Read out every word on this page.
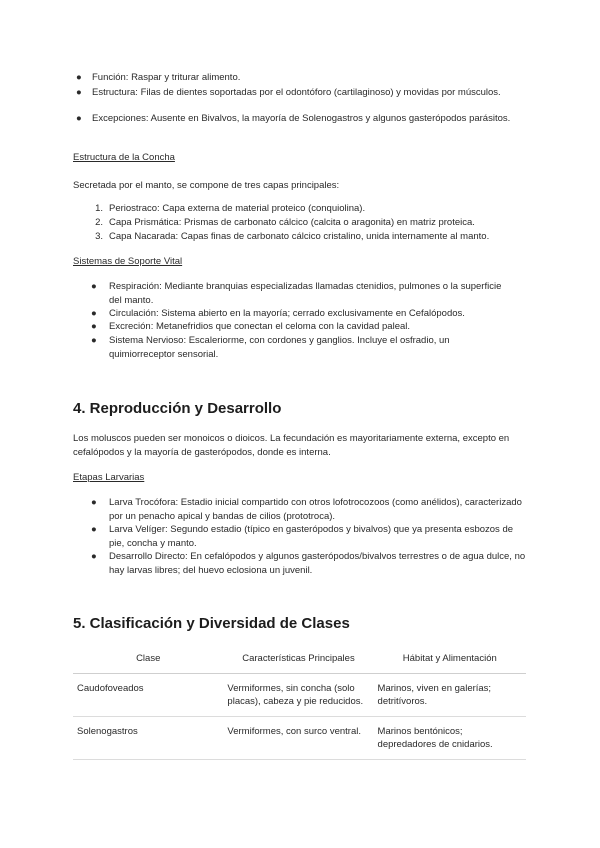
● Función: Raspar y triturar alimento.
● Estructura: Filas de dientes soportadas por el odontóforo (cartilaginoso) y movidas por músculos.
● Excepciones: Ausente en Bivalvos, la mayoría de Solenogastros y algunos gasterópodos parásitos.
Estructura de la Concha
Secretada por el manto, se compone de tres capas principales:
1. Periostraco: Capa externa de material proteico (conquiolina).
2. Capa Prismática: Prismas de carbonato cálcico (calcita o aragonita) en matriz proteica.
3. Capa Nacarada: Capas finas de carbonato cálcico cristalino, unida internamente al manto.
Sistemas de Soporte Vital
● Respiración: Mediante branquias especializadas llamadas ctenidios, pulmones o la superficie del manto.
● Circulación: Sistema abierto en la mayoría; cerrado exclusivamente en Cefalópodos.
● Excreción: Metanefridios que conectan el celoma con la cavidad paleal.
● Sistema Nervioso: Escaleriorme, con cordones y ganglios. Incluye el osfradio, un quimiorreceptor sensorial.
4. Reproducción y Desarrollo
Los moluscos pueden ser monoicos o dioicos. La fecundación es mayoritariamente externa, excepto en cefalópodos y la mayoría de gasterópodos, donde es interna.
Etapas Larvarias
● Larva Trocófora: Estadio inicial compartido con otros lofotrocozoos (como anélidos), caracterizado por un penacho apical y bandas de cilios (prototroca).
● Larva Velíger: Segundo estadio (típico en gasterópodos y bivalvos) que ya presenta esbozos de pie, concha y manto.
● Desarrollo Directo: En cefalópodos y algunos gasterópodos/bivalvos terrestres o de agua dulce, no hay larvas libres; del huevo eclosiona un juvenil.
5. Clasificación y Diversidad de Clases
Clase	Características Principales	Hábitat y Alimentación
Caudofoveados	Vermiformes, sin concha (solo placas), cabeza y pie reducidos.	Marinos, viven en galerías; detritívoros.
Solenogastros	Vermiformes, con surco ventral.	Marinos bentónicos; depredadores de cnidarios.
